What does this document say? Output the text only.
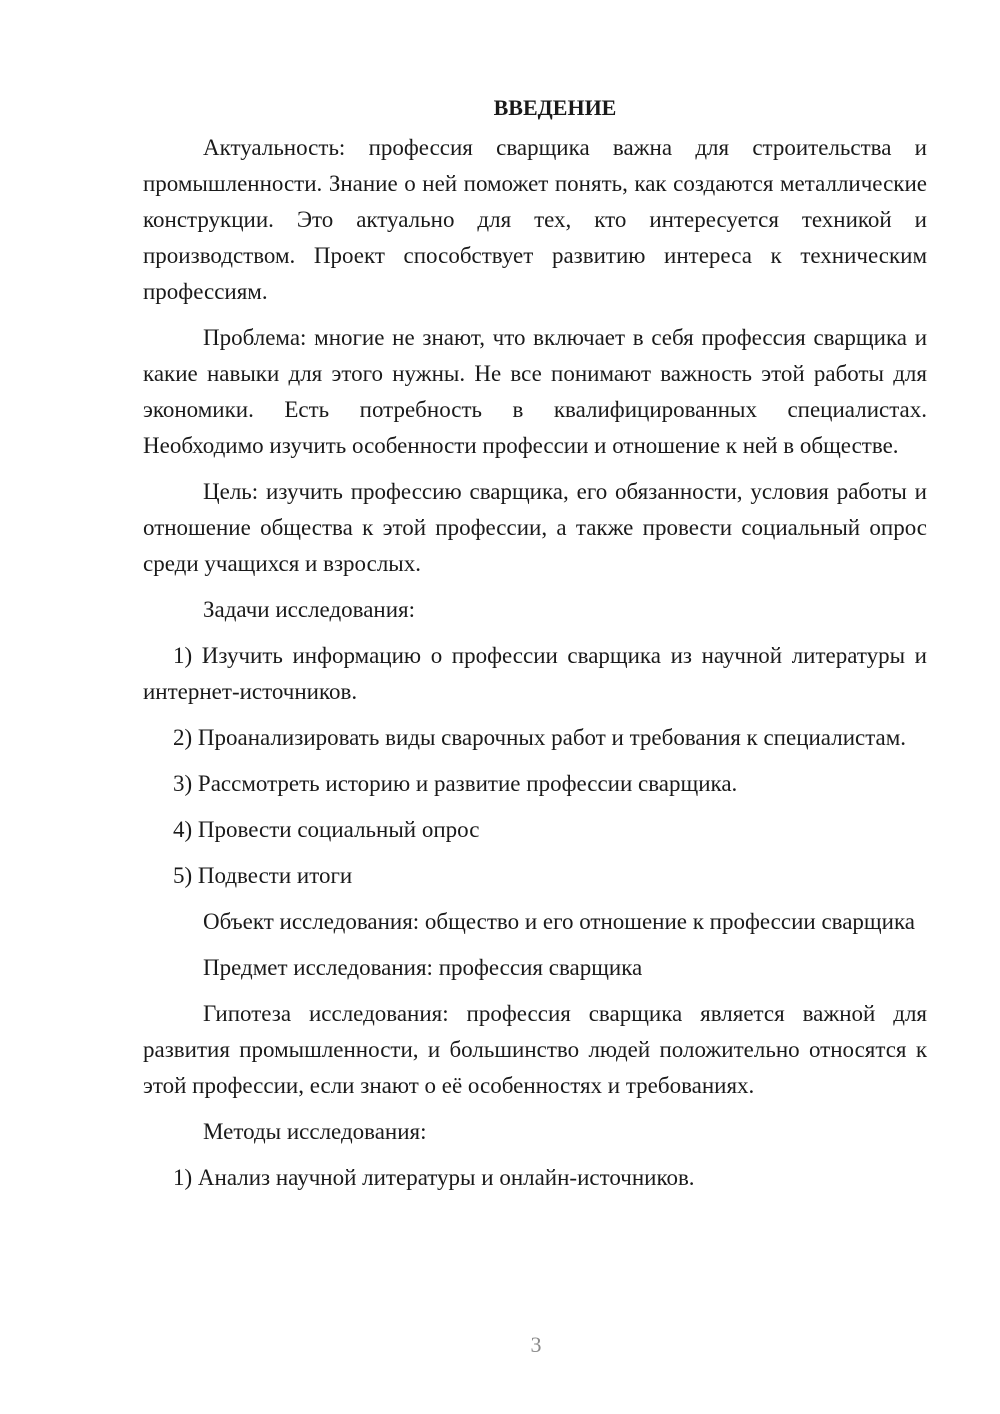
ВВЕДЕНИЕ

Актуальность: профессия сварщика важна для строительства и промышленности. Знание о ней поможет понять, как создаются металлические конструкции. Это актуально для тех, кто интересуется техникой и производством. Проект способствует развитию интереса к техническим профессиям.

Проблема: многие не знают, что включает в себя профессия сварщика и какие навыки для этого нужны. Не все понимают важность этой работы для экономики. Есть потребность в квалифицированных специалистах. Необходимо изучить особенности профессии и отношение к ней в обществе.

Цель: изучить профессию сварщика, его обязанности, условия работы и отношение общества к этой профессии, а также провести социальный опрос среди учащихся и взрослых.

Задачи исследования:

1) Изучить информацию о профессии сварщика из научной литературы и интернет-источников.

2) Проанализировать виды сварочных работ и требования к специалистам.

3) Рассмотреть историю и развитие профессии сварщика.

4) Провести социальный опрос

5) Подвести итоги

Объект исследования: общество и его отношение к профессии сварщика

Предмет исследования: профессия сварщика

Гипотеза исследования: профессия сварщика является важной для развития промышленности, и большинство людей положительно относятся к этой профессии, если знают о её особенностях и требованиях.

Методы исследования:

1) Анализ научной литературы и онлайн-источников.

3
